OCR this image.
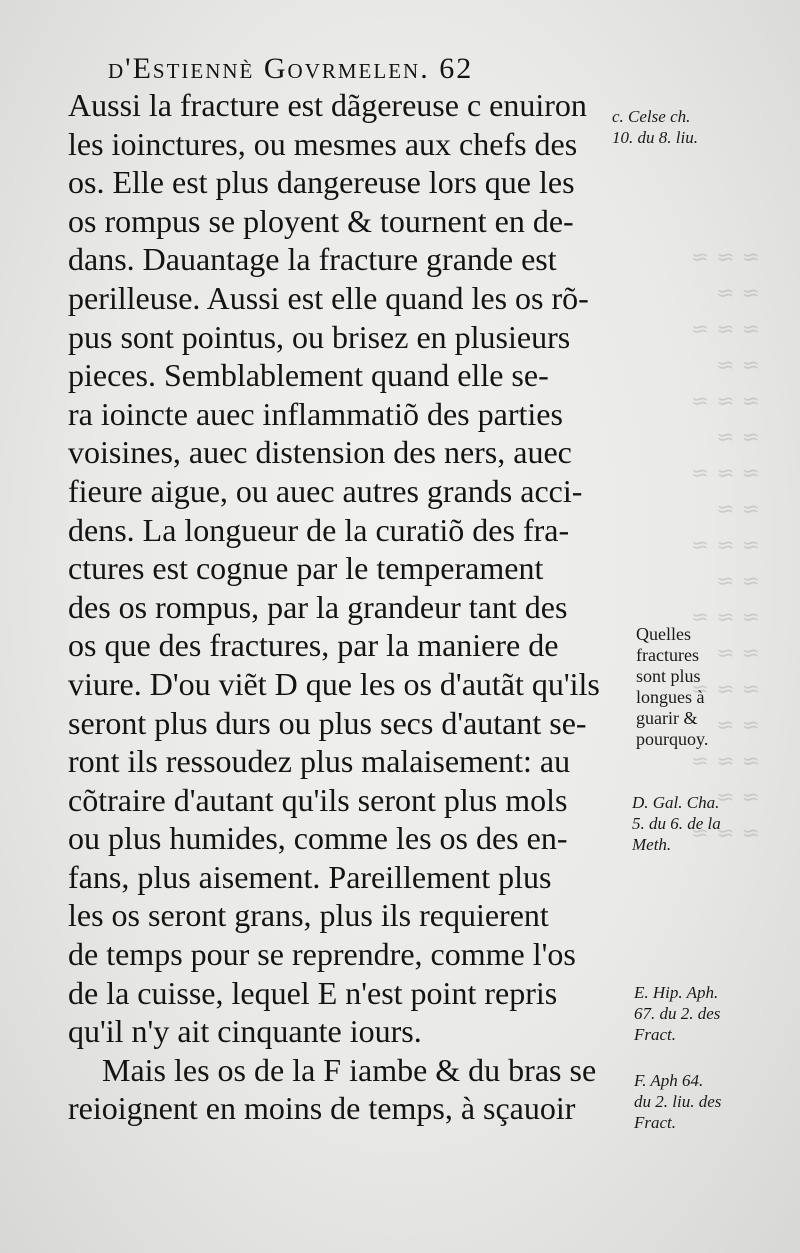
≈ ≈ ≈
≈ ≈
≈ ≈ ≈
≈ ≈
≈ ≈ ≈
≈ ≈
≈ ≈ ≈
≈ ≈
≈ ≈ ≈
≈ ≈
≈ ≈ ≈
≈ ≈
≈ ≈ ≈
≈ ≈
≈ ≈ ≈
≈ ≈
≈ ≈ ≈
d'Estiennè Govrmelen. 62
Aussi la fracture est dãgereuse c enuiron
les ioinctures, ou mesmes aux chefs des
os. Elle est plus dangereuse lors que les
os rompus se ployent & tournent en de-
dans. Dauantage la fracture grande est
perilleuse. Aussi est elle quand les os rõ-
pus sont pointus, ou brisez en plusieurs
pieces. Semblablement quand elle se-
ra ioincte auec inflammatiõ des parties
voisines, auec distension des ners, auec
fieure aigue, ou auec autres grands acci-
dens. La longueur de la curatiõ des fra-
ctures est cognue par le temperament
des os rompus, par la grandeur tant des
os que des fractures, par la maniere de
viure. D'ou viẽt D que les os d'autãt qu'ils
seront plus durs ou plus secs d'autant se-
ront ils ressoudez plus malaisement: au
cõtraire d'autant qu'ils seront plus mols
ou plus humides, comme les os des en-
fans, plus aisement. Pareillement plus
les os seront grans, plus ils requierent
de temps pour se reprendre, comme l'os
de la cuisse, lequel E n'est point repris
qu'il n'y ait cinquante iours.
Mais les os de la F iambe & du bras se
reioignent en moins de temps, à sçauoir
c. Celse ch.
10. du 8. liu.
Quelles
fractures
sont plus
longues à
guarir &
pourquoy.
D. Gal. Cha.
5. du 6. de la
Meth.
E. Hip. Aph.
67. du 2. des
Fract.
F. Aph 64.
du 2. liu. des
Fract.
